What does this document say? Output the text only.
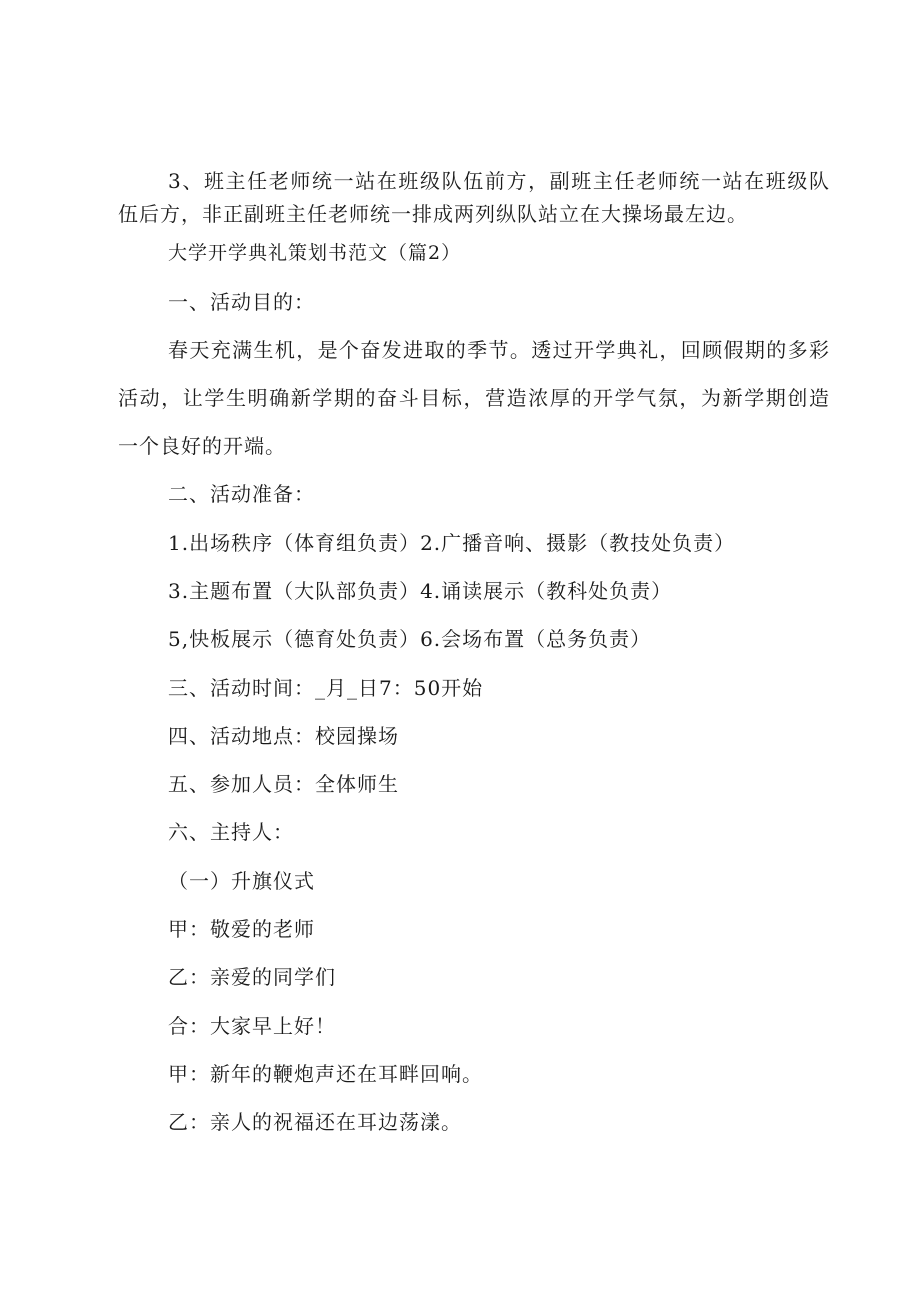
3、班主任老师统一站在班级队伍前方，副班主任老师统一站在班级队伍后方，非正副班主任老师统一排成两列纵队站立在大操场最左边。

大学开学典礼策划书范文（篇2）

一、活动目的：

春天充满生机，是个奋发进取的季节。透过开学典礼，回顾假期的多彩活动，让学生明确新学期的奋斗目标，营造浓厚的开学气氛，为新学期创造一个良好的开端。

二、活动准备：

1.出场秩序（体育组负责）2.广播音响、摄影（教技处负责）

3.主题布置（大队部负责）4.诵读展示（教科处负责）

5,快板展示（德育处负责）6.会场布置（总务负责）

三、活动时间：_月_日7：50开始

四、活动地点：校园操场

五、参加人员：全体师生

六、主持人：

（一）升旗仪式

甲：敬爱的老师

乙：亲爱的同学们

合：大家早上好！

甲：新年的鞭炮声还在耳畔回响。

乙：亲人的祝福还在耳边荡漾。
